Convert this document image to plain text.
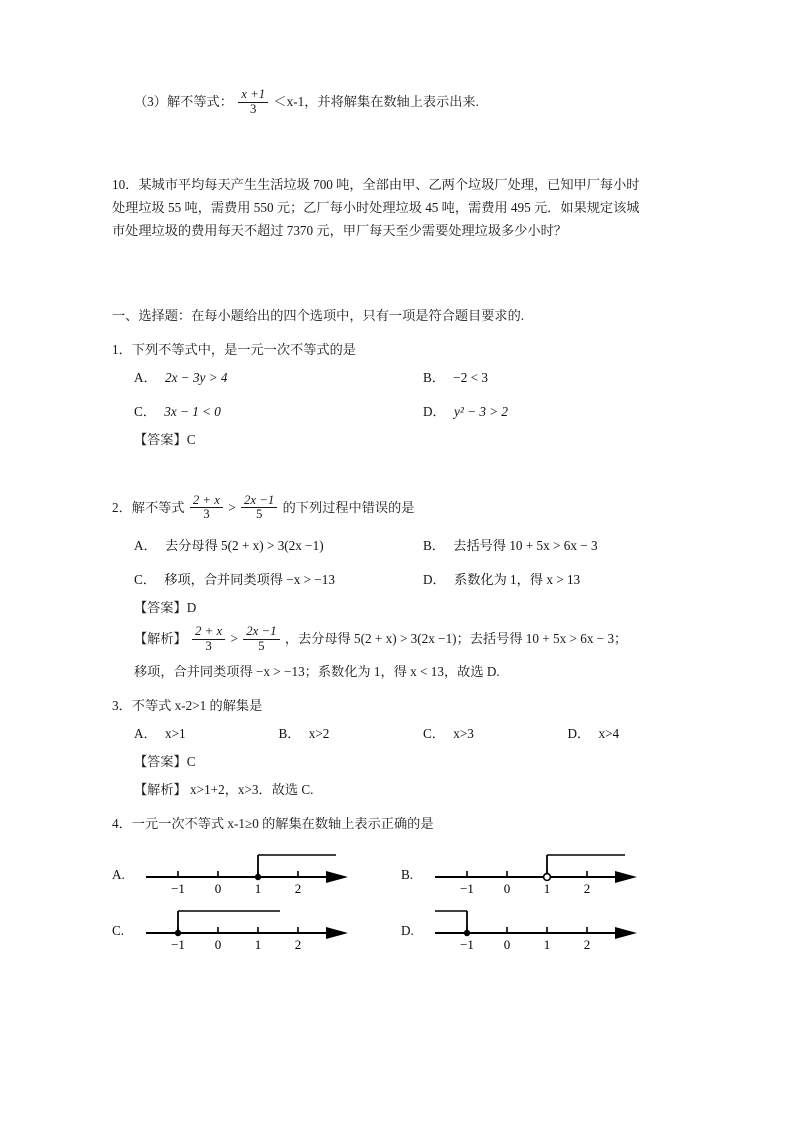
（3）解不等式： $\frac{x +1}{3} <x-1$，并将解集在数轴上表示出来.
10．某城市平均每天产生生活垃圾 700 吨，全部由甲、乙两个垃圾厂处理，已知甲厂每小时
处理垃圾 55 吨，需费用 550 元；乙厂每小时处理垃圾 45 吨，需费用 495 元．如果规定该城
市处理垃圾的费用每天不超过 7370 元，甲厂每天至少需要处理垃圾多少小时？
一、选择题：在每小题给出的四个选项中，只有一项是符合题目要求的.
1．下列不等式中，是一元一次不等式的是
A． 2x − 3y > 4	B． −2 < 3
C． 3x − 1 < 0	D． y² − 3 > 2
【答案】C
2．解不等式 $\frac{2 + x}{3} > \frac{2x -1}{5}$ 的下列过程中错误的是
A． 去分母得 5(2 + x) > 3(2x −1)	B． 去括号得 10 + 5x > 6x − 3
C． 移项，合并同类项得 −x > −13	D． 系数化为 1，得 x > 13
【答案】D
【解析】 $\frac{2 + x}{3} > \frac{2x -1}{5}$ ，去分母得 5(2 + x) > 3(2x −1)；去括号得 10 + 5x > 6x − 3；
移项，合并同类项得 −x > −13；系数化为 1，得 x < 13，故选 D.
3．不等式 x-2>1 的解集是
A． x>1	B． x>2	C． x>3	D． x>4
【答案】C
【解析】 x>1+2，x>3．故选 C.
4．一元一次不等式 x-1≥0 的解集在数轴上表示正确的是
A.
−1 0	1	2
B.
−1 0	1	2
C.
−1 0	1	2
D.
−1 0	1	2
